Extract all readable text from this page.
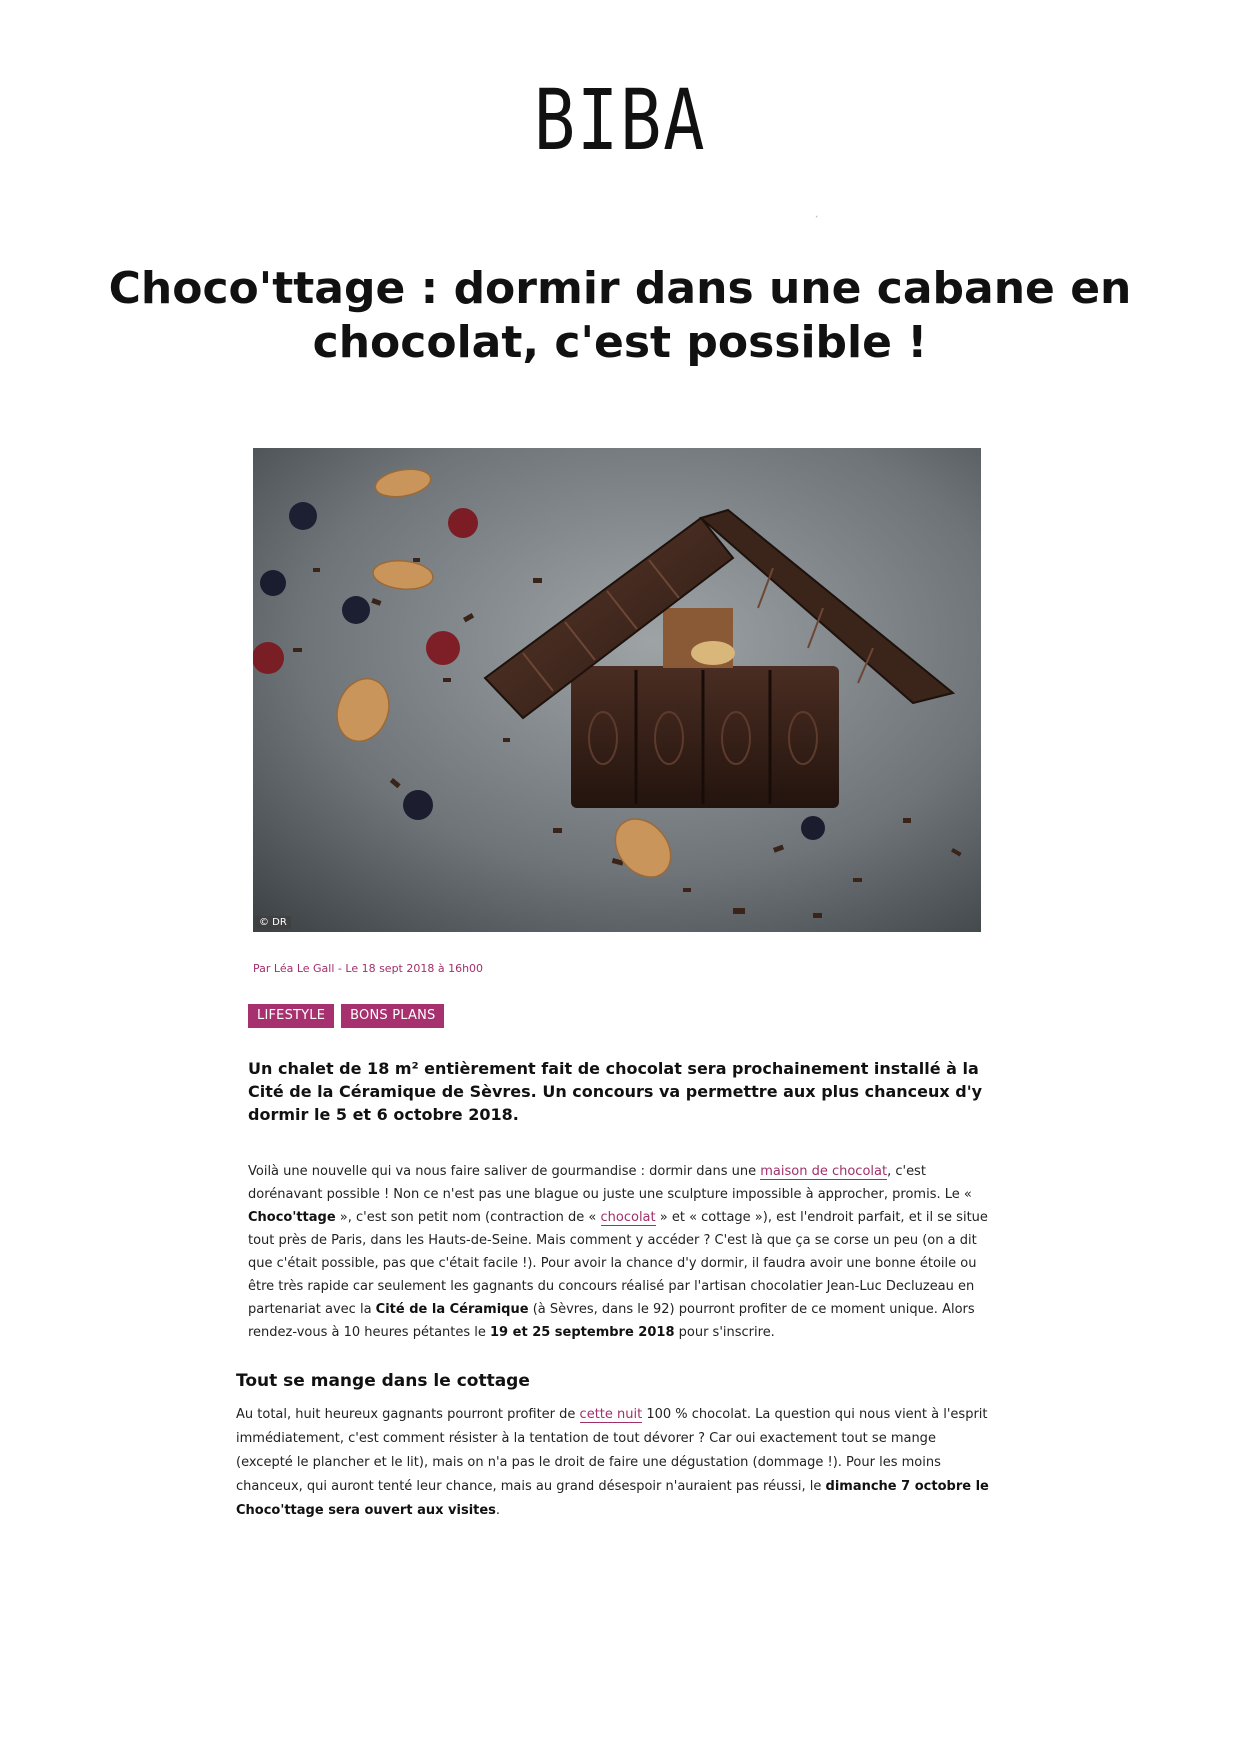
BIBA
´
Choco'ttage : dormir dans une cabane en chocolat, c'est possible !
© DR
Par Léa Le Gall - Le 18 sept 2018 à 16h00
LIFESTYLE	BONS PLANS

Un chalet de 18 m² entièrement fait de chocolat sera prochainement installé à la Cité de la Céramique de Sèvres. Un concours va permettre aux plus chanceux d'y dormir le 5 et 6 octobre 2018.

Voilà une nouvelle qui va nous faire saliver de gourmandise : dormir dans une maison de chocolat, c'est dorénavant possible ! Non ce n'est pas une blague ou juste une sculpture impossible à approcher, promis. Le « Choco'ttage », c'est son petit nom (contraction de « chocolat » et « cottage »), est l'endroit parfait, et il se situe tout près de Paris, dans les Hauts-de-Seine. Mais comment y accéder ? C'est là que ça se corse un peu (on a dit que c'était possible, pas que c'était facile !). Pour avoir la chance d'y dormir, il faudra avoir une bonne étoile ou être très rapide car seulement les gagnants du concours réalisé par l'artisan chocolatier Jean-Luc Decluzeau en partenariat avec la Cité de la Céramique (à Sèvres, dans le 92) pourront profiter de ce moment unique. Alors rendez-vous à 10 heures pétantes le 19 et 25 septembre 2018 pour s'inscrire.

Tout se mange dans le cottage

Au total, huit heureux gagnants pourront profiter de cette nuit 100 % chocolat. La question qui nous vient à l'esprit immédiatement, c'est comment résister à la tentation de tout dévorer ? Car oui exactement tout se mange (excepté le plancher et le lit), mais on n'a pas le droit de faire une dégustation (dommage !). Pour les moins chanceux, qui auront tenté leur chance, mais au grand désespoir n'auraient pas réussi, le dimanche 7 octobre le Choco'ttage sera ouvert aux visites.
